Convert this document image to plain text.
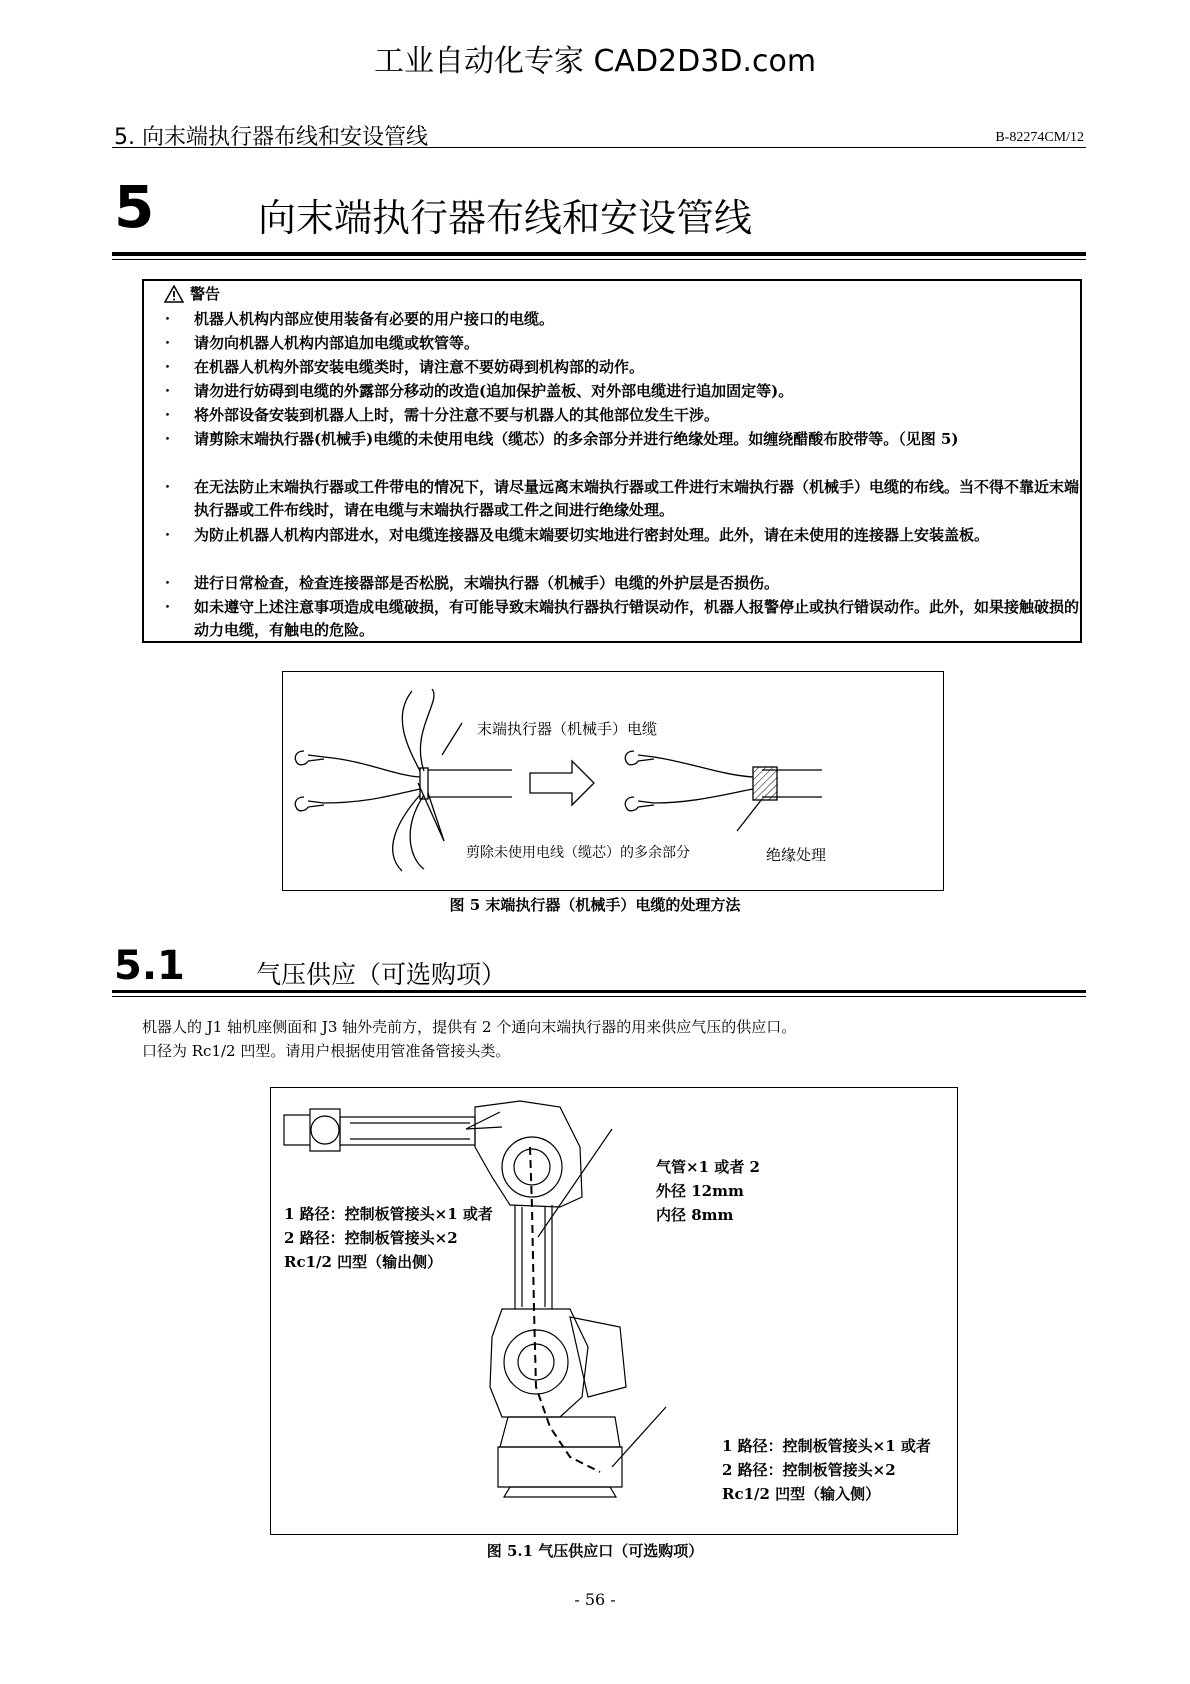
工业自动化专家 CAD2D3D.com
5. 向末端执行器布线和安设管线	B-82274CM/12
5	向末端执行器布线和安设管线
警告
・	机器人机构内部应使用装备有必要的用户接口的电缆。
・	请勿向机器人机构内部追加电缆或软管等。
・	在机器人机构外部安装电缆类时，请注意不要妨碍到机构部的动作。
・	请勿进行妨碍到电缆的外露部分移动的改造(追加保护盖板、对外部电缆进行追加固定等)。
・	将外部设备安装到机器人上时，需十分注意不要与机器人的其他部位发生干涉。
・	请剪除末端执行器(机械手)电缆的未使用电线（缆芯）的多余部分并进行绝缘处理。如缠绕醋酸布胶带等。（见图 5)
・	在无法防止末端执行器或工件带电的情况下，请尽量远离末端执行器或工件进行末端执行器（机械手）电缆的布线。当不得不靠近末端执行器或工件布线时，请在电缆与末端执行器或工件之间进行绝缘处理。
・	为防止机器人机构内部进水，对电缆连接器及电缆末端要切实地进行密封处理。此外，请在未使用的连接器上安装盖板。
・	进行日常检查，检查连接器部是否松脱，末端执行器（机械手）电缆的外护层是否损伤。
・	如未遵守上述注意事项造成电缆破损，有可能导致末端执行器执行错误动作，机器人报警停止或执行错误动作。此外，如果接触破损的动力电缆，有触电的危险。
末端执行器（机械手）电缆
剪除未使用电线（缆芯）的多余部分	绝缘处理
图 5 末端执行器（机械手）电缆的处理方法
5.1	气压供应（可选购项）
机器人的 J1 轴机座侧面和 J3 轴外壳前方，提供有 2 个通向末端执行器的用来供应气压的供应口。
口径为 Rc1/2 凹型。请用户根据使用管准备管接头类。
1 路径：控制板管接头×1 或者
2 路径：控制板管接头×2
Rc1/2 凹型（输出侧）
气管×1 或者 2
外径 12mm
内径 8mm
1 路径：控制板管接头×1 或者
2 路径：控制板管接头×2
Rc1/2 凹型（输入侧）
图 5.1 气压供应口（可选购项）
- 56 -
